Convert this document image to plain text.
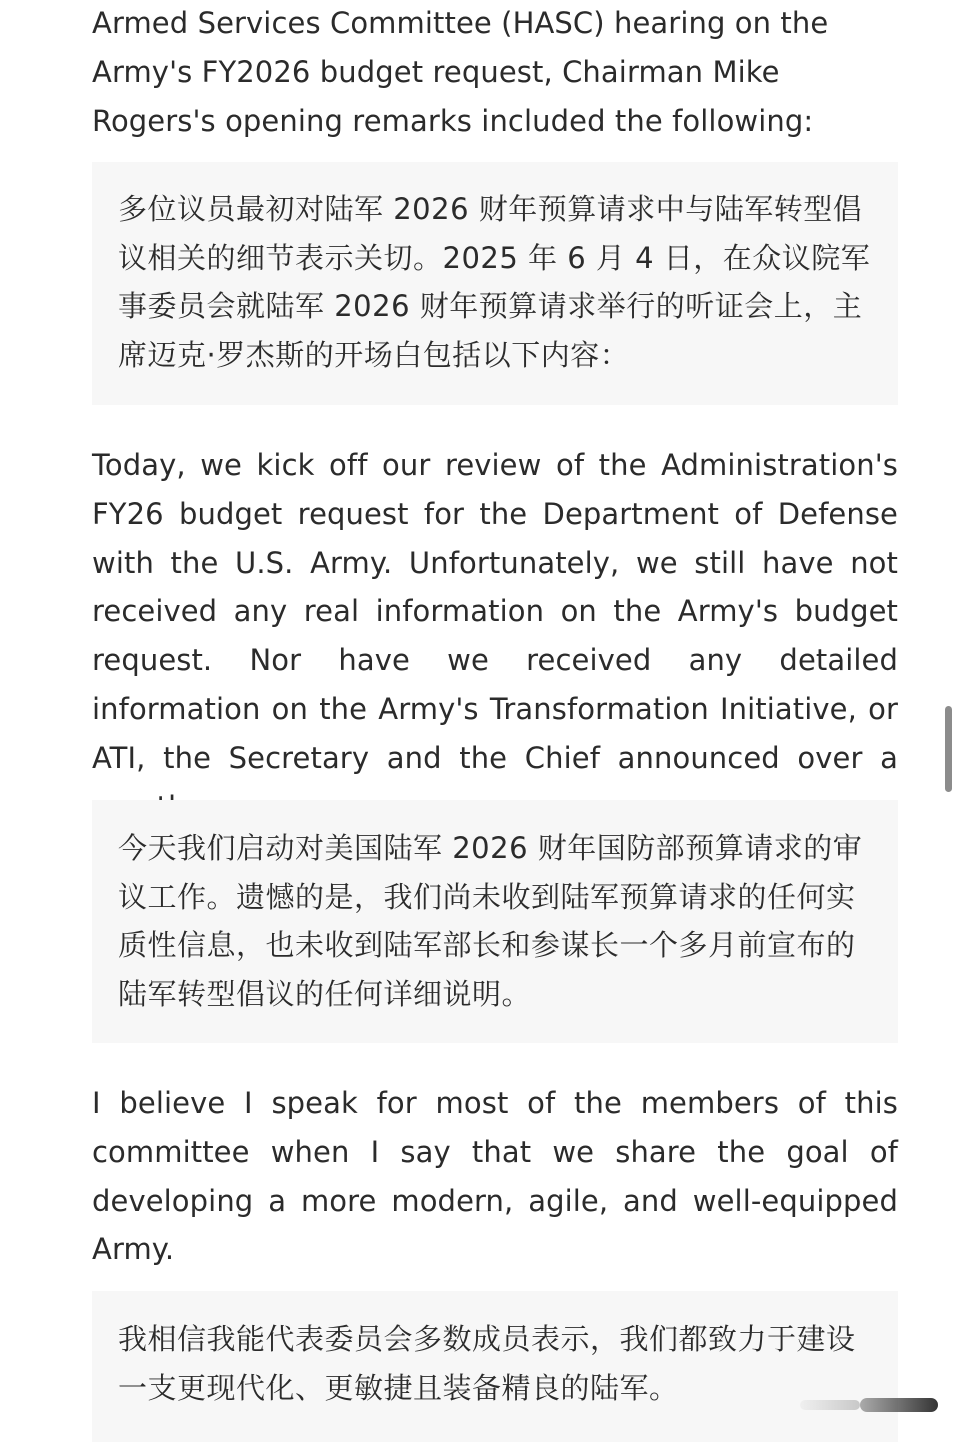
Armed Services Committee (HASC) hearing on the Army's FY2026 budget request, Chairman Mike Rogers's opening remarks included the following:

多位议员最初对陆军 2026 财年预算请求中与陆军转型倡议相关的细节表示关切。2025 年 6 月 4 日，在众议院军事委员会就陆军 2026 财年预算请求举行的听证会上，主席迈克·罗杰斯的开场白包括以下内容：

Today, we kick off our review of the Administration's FY26 budget request for the Department of Defense with the U.S. Army. Unfortunately, we still have not received any real information on the Army's budget request. Nor have we received any detailed information on the Army's Transformation Initiative, or ATI, the Secretary and the Chief announced over a

今天我们启动对美国陆军 2026 财年国防部预算请求的审议工作。遗憾的是，我们尚未收到陆军预算请求的任何实质性信息，也未收到陆军部长和参谋长一个多月前宣布的陆军转型倡议的任何详细说明。

I believe I speak for most of the members of this committee when I say that we share the goal of developing a more modern, agile, and well-equipped Army.

我相信我能代表委员会多数成员表示，我们都致力于建设一支更现代化、更敏捷且装备精良的陆军。
